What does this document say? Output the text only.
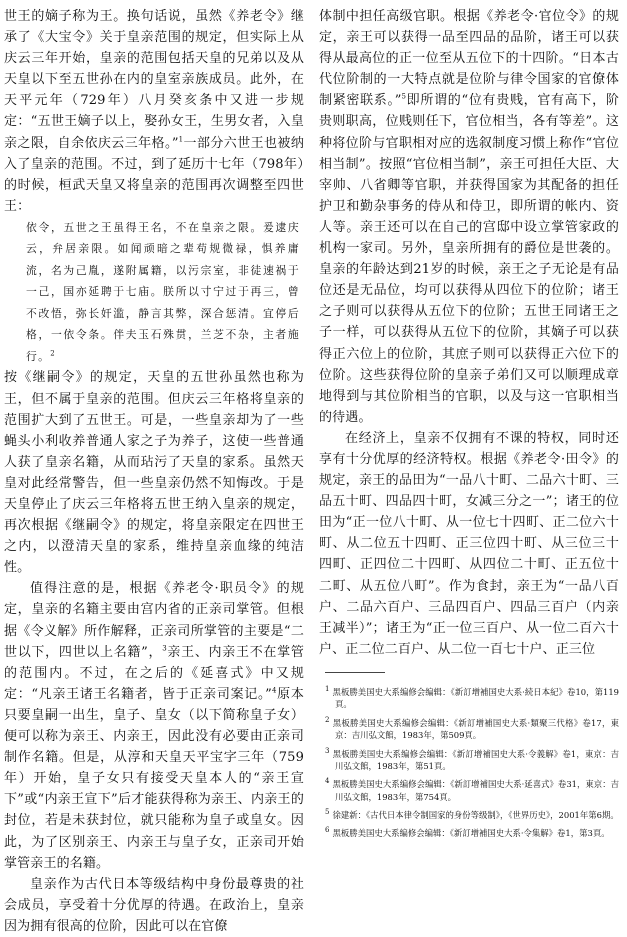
世王的嫡子称为王。换句话说，虽然《养老令》继承了《大宝令》关于皇亲范围的规定，但实际上从庆云三年开始，皇亲的范围包括天皇的兄弟以及从天皇以下至五世孙在内的皇室亲族成员。此外，在天平元年（729年）八月癸亥条中又进一步规定：“五世王嫡子以上，娶孙女王，生男女者，入皇亲之限，自余依庆云三年格。”$^1$一部分六世王也被纳入了皇亲的范围。不过，到了延历十七年（798年）的时候，桓武天皇又将皇亲的范围再次调整至四世王：

依令，五世之王虽得王名，不在皇亲之限。爰逮庆云，弁居亲限。如闻顽暗之辈苟规微禄，惧养庸流，名为己胤，遂附属籍，以污宗室，非徒速祸于一己，国亦延聘于七庙。朕所以寸宁过于再三，曾不改悟，弥长奸滥，静言其弊，深合惩清。宜停后格，一依令条。伴夫玉石殊贯，兰芝不杂，主者施行。$^2$

按《继嗣令》的规定，天皇的五世孙虽然也称为王，但不属于皇亲的范围。但庆云三年格将皇亲的范围扩大到了五世王。可是，一些皇亲却为了一些蝇头小利收养普通人家之子为养子，这使一些普通人获了皇亲名籍，从而玷污了天皇的家系。虽然天皇对此经常警告，但一些皇亲仍然不知悔改。于是天皇停止了庆云三年格将五世王纳入皇亲的规定，再次根据《继嗣令》的规定，将皇亲限定在四世王之内，以澄清天皇的家系，维持皇亲血缘的纯洁性。

值得注意的是，根据《养老令·职员令》的规定，皇亲的名籍主要由宫内省的正亲司掌管。但根据《令义解》所作解释，正亲司所掌管的主要是“二世以下，四世以上名籍”，$^3$亲王、内亲王不在掌管的范围内。不过，在之后的《延喜式》中又规定：“凡亲王诸王名籍者，皆于正亲司案记。”$^4$原本只要皇嗣一出生，皇子、皇女（以下简称皇子女）便可以称为亲王、内亲王，因此没有必要由正亲司制作名籍。但是，从淳和天皇天平宝字三年（759年）开始，皇子女只有接受天皇本人的“亲王宣下”或“内亲王宣下”后才能获得称为亲王、内亲王的封位，若是未获封位，就只能称为皇子或皇女。因此，为了区别亲王、内亲王与皇子女，正亲司开始掌管亲王的名籍。

皇亲作为古代日本等级结构中身份最尊贵的社会成员，享受着十分优厚的待遇。在政治上，皇亲因为拥有很高的位阶，因此可以在官僚

体制中担任高级官职。根据《养老令·官位令》的规定，亲王可以获得一品至四品的品阶，诸王可以获得从最高位的正一位至从五位下的十四阶。“日本古代位阶制的一大特点就是位阶与律令国家的官僚体制紧密联系。”$^5$即所谓的“位有贵贱，官有高下，阶贵则职高，位贱则任下，官位相当，各有等差”。这种将位阶与官职相对应的选叙制度习惯上称作“官位相当制”。按照“官位相当制”，亲王可担任大臣、大宰帅、八省卿等官职，并获得国家为其配备的担任护卫和勤杂事务的侍从和侍卫，即所谓的帐内、资人等。亲王还可以在自己的宫邸中设立掌管家政的机构一家司。另外，皇亲所拥有的爵位是世袭的。皇亲的年龄达到21岁的时候，亲王之子无论是有品位还是无品位，均可以获得从四位下的位阶；诸王之子则可以获得从五位下的位阶；五世王同诸王之子一样，可以获得从五位下的位阶，其嫡子可以获得正六位上的位阶，其庶子则可以获得正六位下的位阶。这些获得位阶的皇亲子弟们又可以顺理成章地得到与其位阶相当的官职，以及与这一官职相当的待遇。

在经济上，皇亲不仅拥有不课的特权，同时还享有十分优厚的经济特权。根据《养老令·田令》的规定，亲王的品田为“一品八十町、二品六十町、三品五十町、四品四十町，女减三分之一”；诸王的位田为“正一位八十町、从一位七十四町、正二位六十町、从二位五十四町、正三位四十町、从三位三十四町、正四位二十四町、从四位二十町、正五位十二町、从五位八町”。作为食封，亲王为“一品八百户、二品六百户、三品四百户、四品三百户（内亲王减半）”；诸王为“正一位三百户、从一位二百六十户、正二位二百户、从二位一百七十户、正三位

$^1$ 黑板勝美国史大系编修会编辑：《新訂增補国史大系·続日本紀》卷10，第119頁。

$^2$ 黑板勝美国史大系编修会编辑：《新訂增補国史大系·類聚三代格》卷17，東京：吉川弘文館，1983年，第509頁。

$^3$ 黑板勝美国史大系编修会编辑：《新訂增補国史大系·令義解》卷1，東京：吉川弘文館，1983年，第51頁。

$^4$ 黑板勝美国史大系编修会编辑：《新訂增補国史大系·延喜式》卷31，東京：吉川弘文館，1983年，第754頁。

$^5$ 徐建新：《古代日本律令制国家的身份等级制》，《世界历史》，2001年第6期。

$^6$ 黑板勝美国史大系编修会编辑：《新訂增補国史大系·令集解》卷1，第3頁。
